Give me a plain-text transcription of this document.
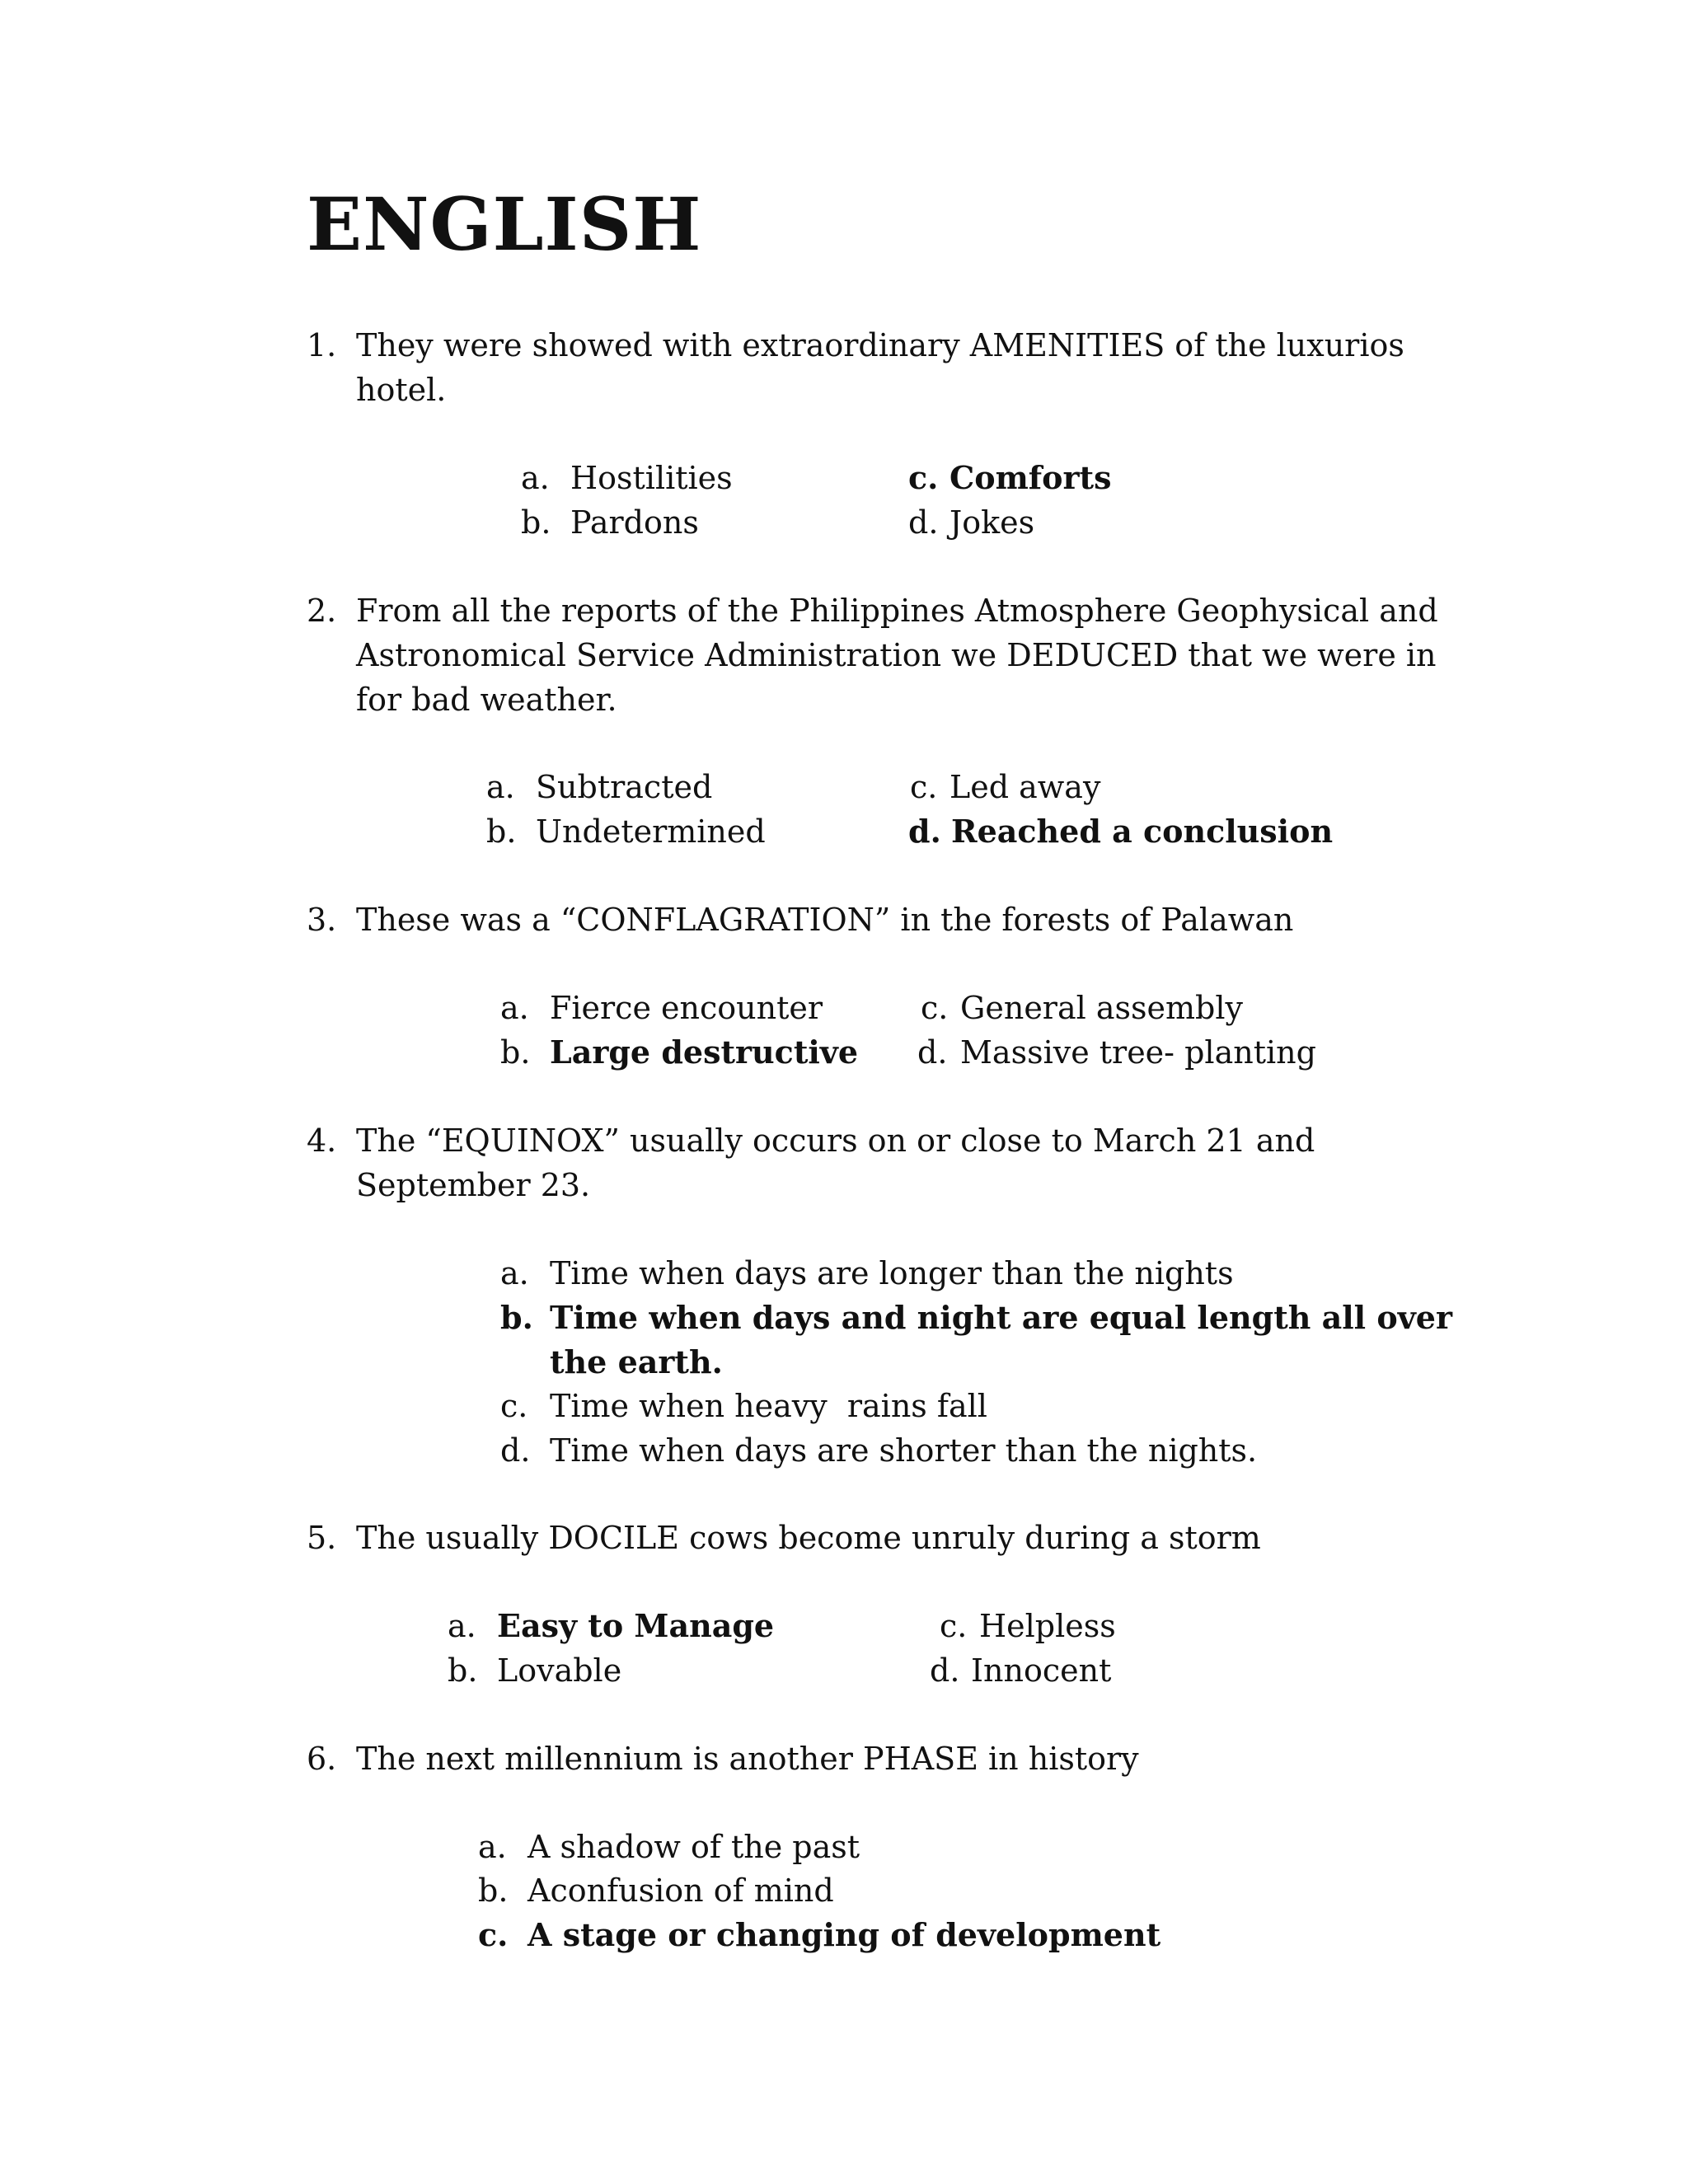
ENGLISH
1. They were showed with extraordinary AMENITIES of the luxurios
hotel.
a. Hostilities	c. Comforts
b. Pardons	d. Jokes
2. From all the reports of the Philippines Atmosphere Geophysical and
Astronomical Service Administration we DEDUCED that we were in
for bad weather.
a. Subtracted	c. Led away
b. Undetermined	d. Reached a conclusion
3. These was a “CONFLAGRATION” in the forests of Palawan
a. Fierce encounter	c. General assembly
b. Large destructive d. Massive tree- planting
4. The “EQUINOX” usually occurs on or close to March 21 and
September 23.
a. Time when days are longer than the nights
b. Time when days and night are equal length all over
the earth.
c. Time when heavy  rains fall
d. Time when days are shorter than the nights.
5. The usually DOCILE cows become unruly during a storm
a. Easy to Manage	c. Helpless
b. Lovable	d. Innocent
6. The next millennium is another PHASE in history
a. A shadow of the past
b. Aconfusion of mind
c. A stage or changing of development
